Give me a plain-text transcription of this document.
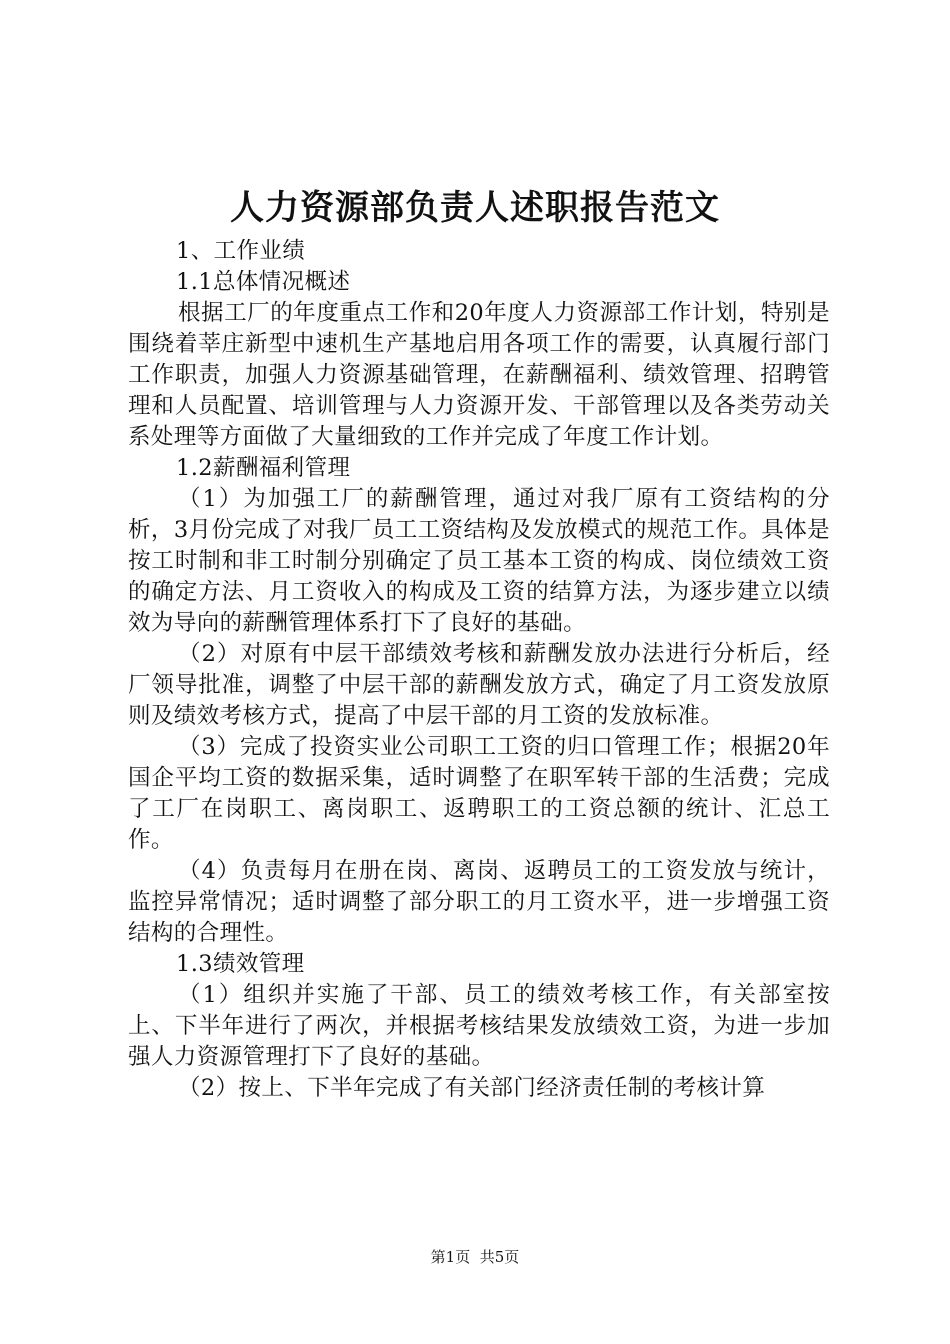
人力资源部负责人述职报告范文
1、工作业绩
1.1总体情况概述
根据工厂的年度重点工作和20年度人力资源部工作计划，特别是围绕着莘庄新型中速机生产基地启用各项工作的需要，认真履行部门工作职责，加强人力资源基础管理，在薪酬福利、绩效管理、招聘管理和人员配置、培训管理与人力资源开发、干部管理以及各类劳动关系处理等方面做了大量细致的工作并完成了年度工作计划。
1.2薪酬福利管理
（1）为加强工厂的薪酬管理，通过对我厂原有工资结构的分析，3月份完成了对我厂员工工资结构及发放模式的规范工作。具体是按工时制和非工时制分别确定了员工基本工资的构成、岗位绩效工资的确定方法、月工资收入的构成及工资的结算方法，为逐步建立以绩效为导向的薪酬管理体系打下了良好的基础。
（2）对原有中层干部绩效考核和薪酬发放办法进行分析后，经厂领导批准，调整了中层干部的薪酬发放方式，确定了月工资发放原则及绩效考核方式，提高了中层干部的月工资的发放标准。
（3）完成了投资实业公司职工工资的归口管理工作；根据20年国企平均工资的数据采集，适时调整了在职军转干部的生活费；完成了工厂在岗职工、离岗职工、返聘职工的工资总额的统计、汇总工作。
（4）负责每月在册在岗、离岗、返聘员工的工资发放与统计，监控异常情况；适时调整了部分职工的月工资水平，进一步增强工资结构的合理性。
1.3绩效管理
（1）组织并实施了干部、员工的绩效考核工作，有关部室按上、下半年进行了两次，并根据考核结果发放绩效工资，为进一步加强人力资源管理打下了良好的基础。
（2）按上、下半年完成了有关部门经济责任制的考核计算
第1页 共5页
